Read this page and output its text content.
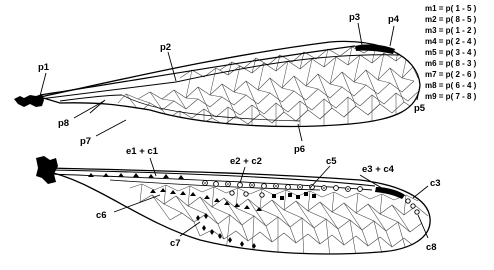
p1
p2
p3	p4
p5
p6
p7
p8
e1 + c1
e2 + c2	c5
e3 + c4
c3
c6
c7	c8
m1 = p( 1 - 5 )
m2 = p( 8 - 5 )
m3 = p( 1 - 2 )
m4 = p( 2 - 4 )
m5 = p( 3 - 4 )
m6 = p( 8 - 3 )
m7 = p( 2 - 6 )
m8 = p( 6 - 4 )
m9 = p( 7 - 8 )
